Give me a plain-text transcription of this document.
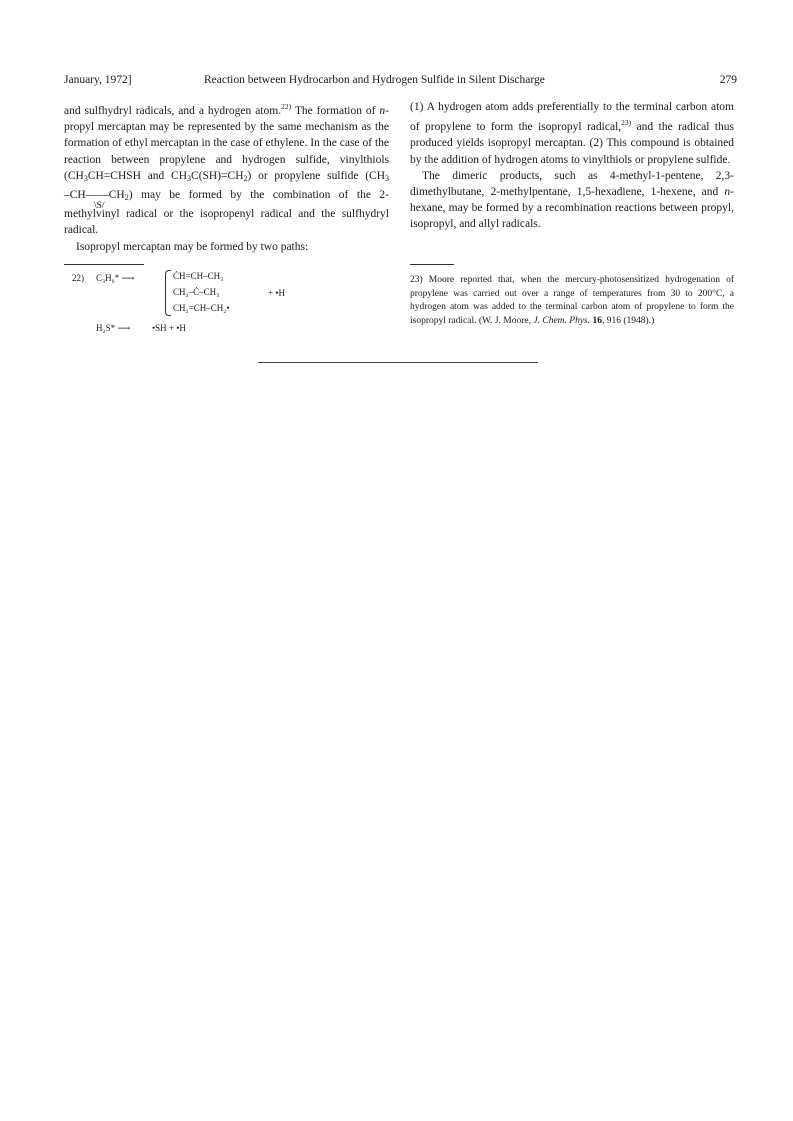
January, 1972]	Reaction between Hydrocarbon and Hydrogen Sulfide in Silent Discharge	279

and sulfhydryl radicals, and a hydrogen atom.$^{22)}$ The formation of n-propyl mercaptan may be represented by the same mechanism as the formation of ethyl mercaptan in the case of ethylene. In the case of the reaction between propylene and hydrogen sulfide, vinylthiols ($CH_3CH=CHSH$ and $CH_3C(SH)=CH_2$) or propylene sulfide ($CH_3-CH——CH$
\S/
$_2$) may be formed by the combination of the 2-methylvinyl radical or the isopropenyl radical and the sulfhydryl radical.

Isopropyl mercaptan may be formed by two paths:

(1) A hydrogen atom adds preferentially to the terminal carbon atom of propylene to form the isopropyl radical,$^{23)}$ and the radical thus produced yields isopropyl mercaptan. (2) This compound is obtained by the addition of hydrogen atoms to vinylthiols or propylene sulfide.

The dimeric products, such as 4-methyl-1-pentene, 2,3-dimethylbutane, 2-methylpentane, 1,5-hexadiene, 1-hexene, and n-hexane, may be formed by a recombination reactions between propyl, isopropyl, and allyl radicals.

22) C₃H₆* ⟶	ĊH=CH–CH₃
CH₂–Ċ–CH₃	+ •H
CH₂=CH–CH₂•
H₂S* ⟶ •SH + •H
23) Moore reported that, when the mercury-photosensitized hydrogenation of propylene was carried out over a range of temperatures from 30 to 200°C, a hydrogen atom was added to the terminal carbon atom of propylene to form the isopropyl radical. (W. J. Moore, J. Chem. Phys. 16, 916 (1948).)
